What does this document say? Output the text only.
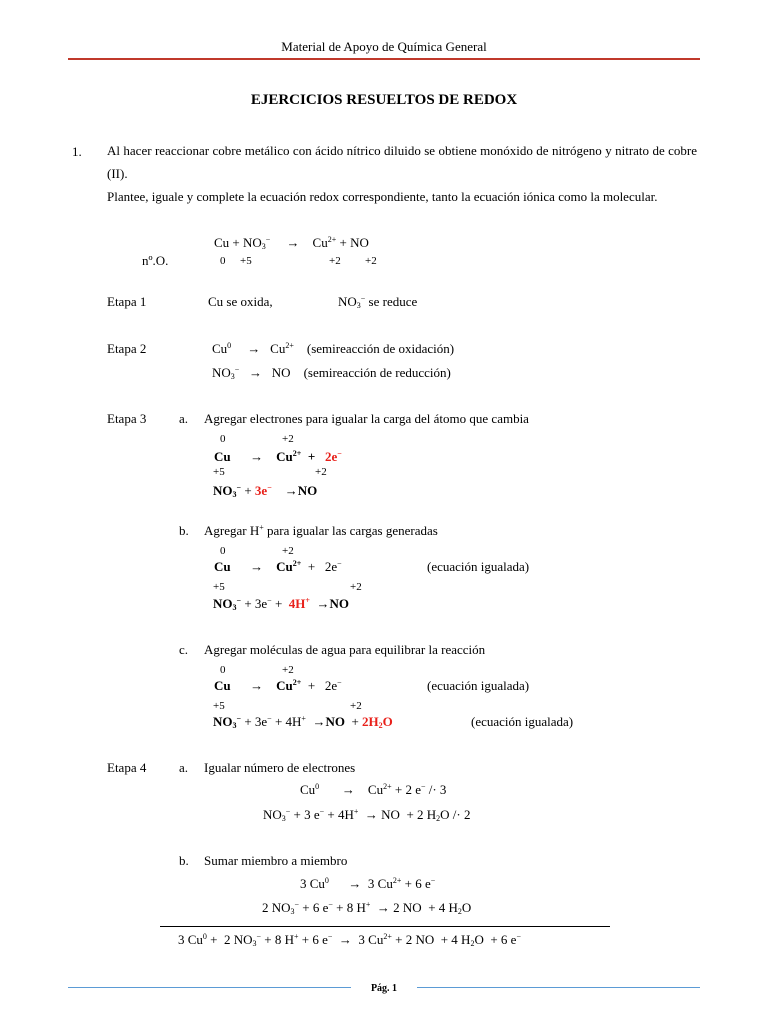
Material de Apoyo de Química General
EJERCICIOS RESUELTOS DE REDOX
1. Al hacer reaccionar cobre metálico con ácido nítrico diluido se obtiene monóxido de nitrógeno y nitrato de cobre (II).
Plantee, iguale y complete la ecuación redox correspondiente, tanto la ecuación iónica como la molecular.
$Cu + NO_3^-$     →    $Cu^{2+}$ + NO
nº.O.	0 +5	+2 +2
Etapa 1	Cu se oxida,	$NO_3^-$ se reduce
Etapa 2	Cu$^0$     →   $Cu^{2+}$ (semireacción de oxidación)
$NO_3^-$   →   NO    (semireacción de reducción)
Etapa 3	a. Agregar electrones para igualar la carga del átomo que cambia
0	+2
Cu      →    $Cu^{2+} + 2e^-$
+5	+2
$NO_3^- + 3e^-$    →NO
b. Agregar H+ para igualar las cargas generadas
0	+2
Cu      →    $Cu^{2+} + 2e^-$	(ecuación igualada)
+5	+2
$NO_3^- + 3e^- + 4H^+ \to NO$
c. Agregar moléculas de agua para equilibrar la reacción
0	+2
Cu      →    $Cu^{2+} + 2e^-$	(ecuación igualada)
+5	+2
$NO_3^- + 3e^- + 4H^+ \to NO + 2H_2O$	(ecuación igualada)
Etapa 4	a. Igualar número de electrones
Cu$^0$       →    $Cu^{2+} + 2$ e− /· 3
$NO_3^- + 3$ e− + 4H+  → NO  + 2 $H_2O /\cdot 2$
b. Sumar miembro a miembro
3 Cu$^0$      →  3 $Cu^{2+} + 6$ e−
2 $NO_3^- + 6$ e− + 8 H+  → 2 NO  + 4 $H_2O$
3 $Cu^0 + 2$ $NO_3^- + 8$ H+ + 6 e−  →  3 $Cu^{2+} + 2$ NO  + 4 $H_2O + 6$ e−
Pág. 1
